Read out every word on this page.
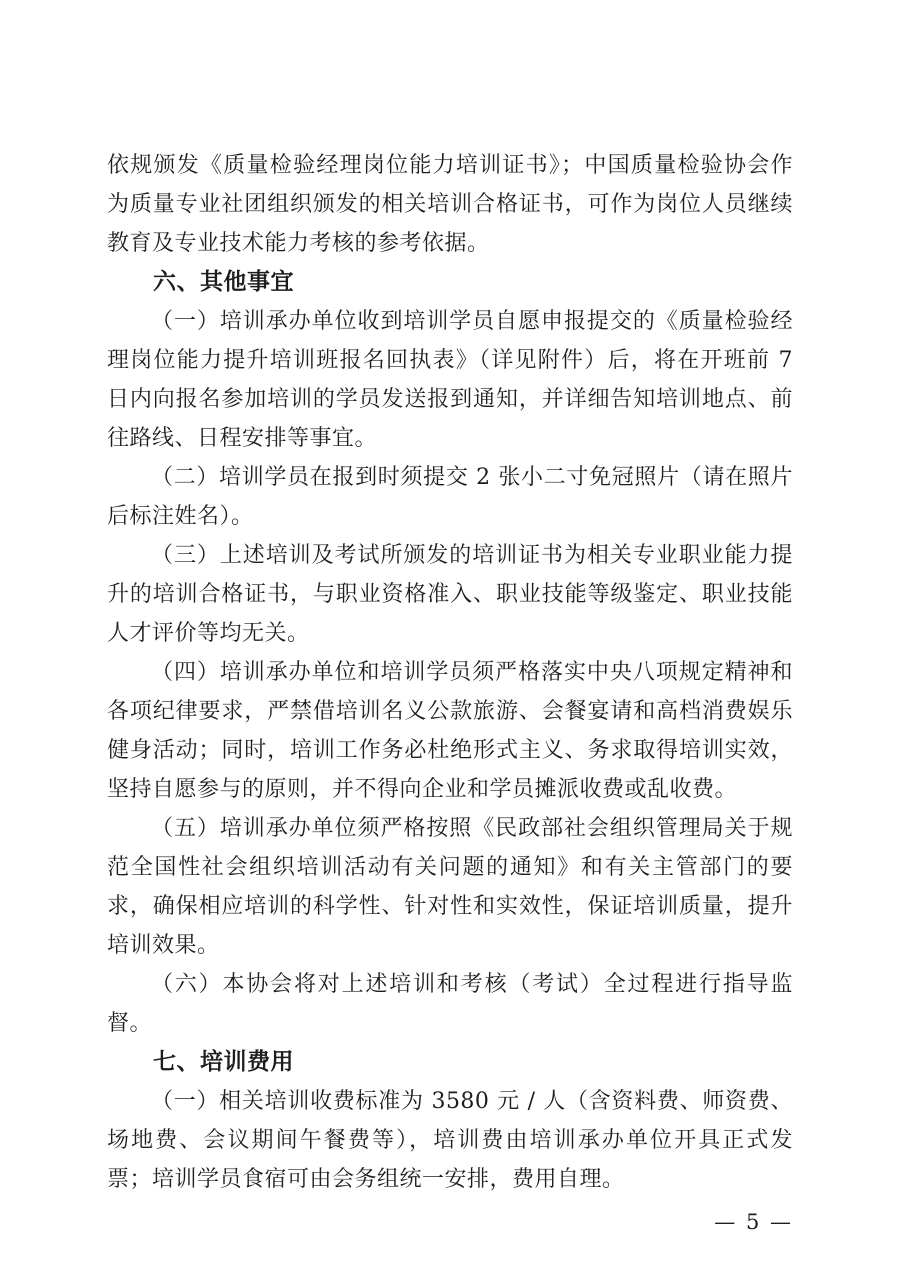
依规颁发《质量检验经理岗位能力培训证书》；中国质量检验协会作为质量专业社团组织颁发的相关培训合格证书，可作为岗位人员继续教育及专业技术能力考核的参考依据。

六、其他事宜

（一）培训承办单位收到培训学员自愿申报提交的《质量检验经理岗位能力提升培训班报名回执表》（详见附件）后，将在开班前 7 日内向报名参加培训的学员发送报到通知，并详细告知培训地点、前往路线、日程安排等事宜。

（二）培训学员在报到时须提交 2 张小二寸免冠照片（请在照片后标注姓名）。

（三）上述培训及考试所颁发的培训证书为相关专业职业能力提升的培训合格证书，与职业资格准入、职业技能等级鉴定、职业技能人才评价等均无关。

（四）培训承办单位和培训学员须严格落实中央八项规定精神和各项纪律要求，严禁借培训名义公款旅游、会餐宴请和高档消费娱乐健身活动；同时，培训工作务必杜绝形式主义、务求取得培训实效，坚持自愿参与的原则，并不得向企业和学员摊派收费或乱收费。

（五）培训承办单位须严格按照《民政部社会组织管理局关于规范全国性社会组织培训活动有关问题的通知》和有关主管部门的要求，确保相应培训的科学性、针对性和实效性，保证培训质量，提升培训效果。

（六）本协会将对上述培训和考核（考试）全过程进行指导监督。

七、培训费用

（一）相关培训收费标准为 3580 元 / 人（含资料费、师资费、场地费、会议期间午餐费等），培训费由培训承办单位开具正式发票；培训学员食宿可由会务组统一安排，费用自理。

— 5 —
